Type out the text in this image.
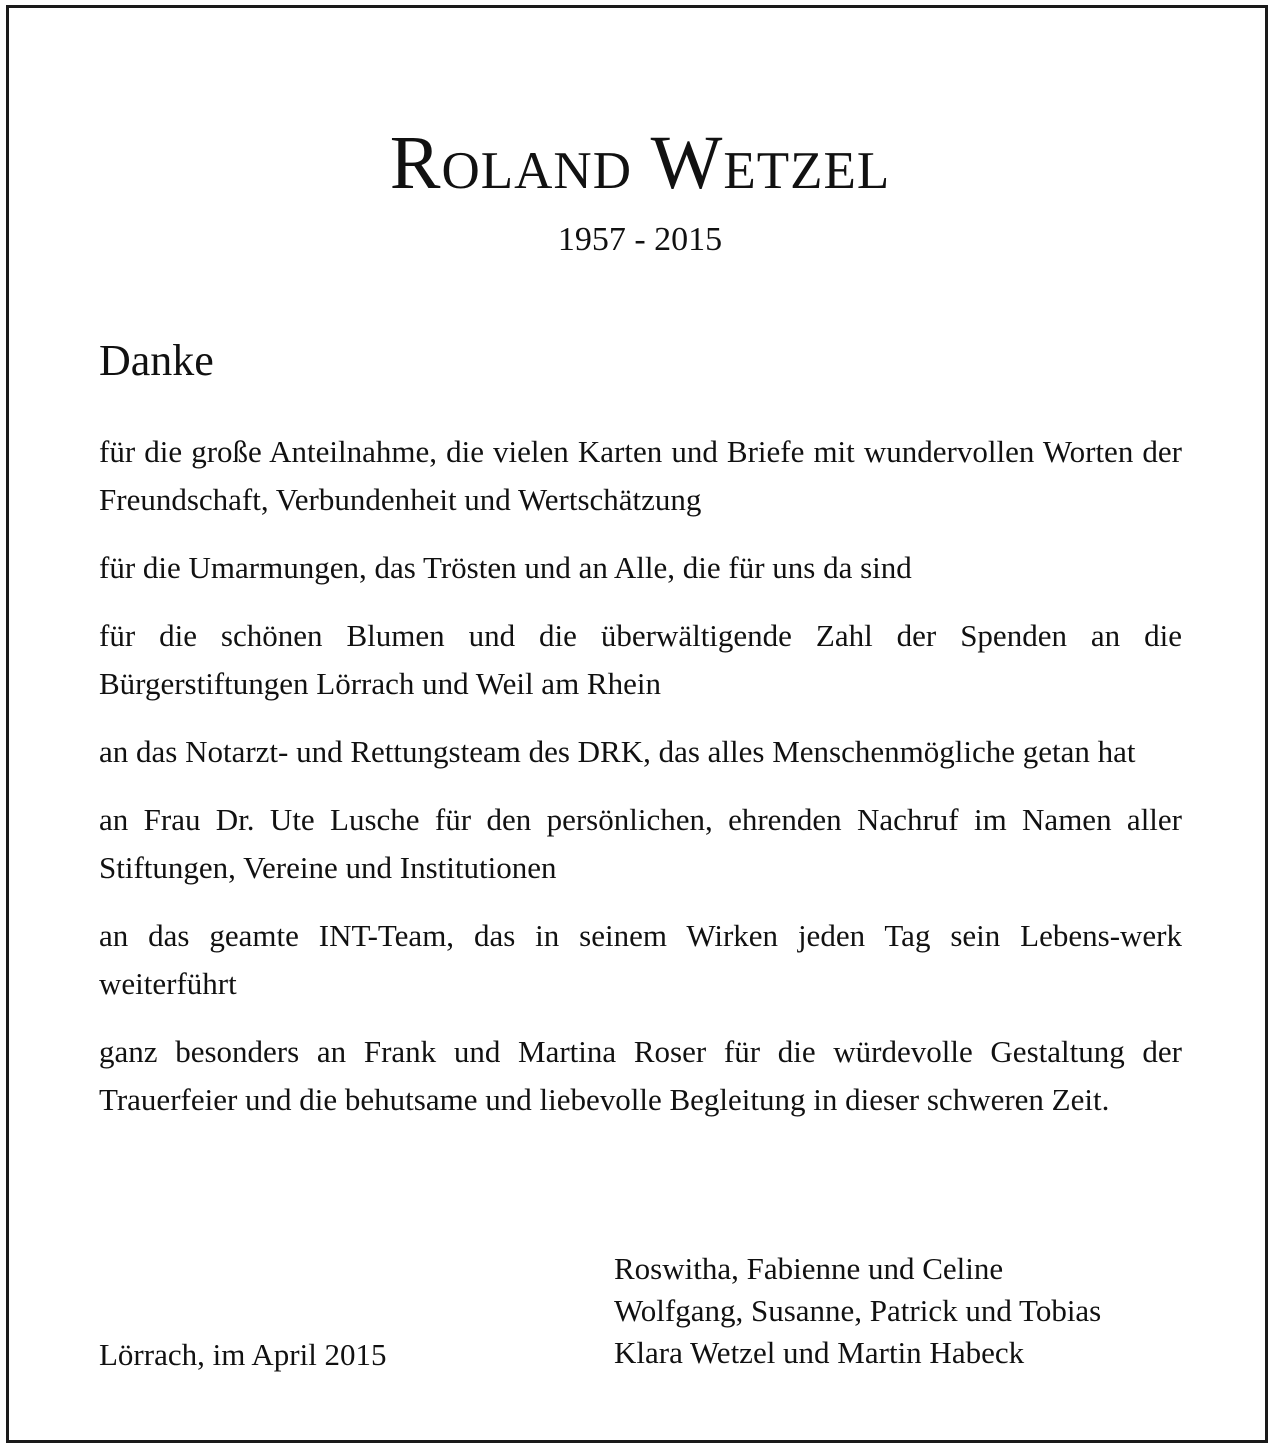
Roland Wetzel
1957 - 2015
Danke

für die große Anteilnahme, die vielen Karten und Briefe mit wundervollen Worten der Freundschaft, Verbundenheit und Wertschätzung

für die Umarmungen, das Trösten und an Alle, die für uns da sind

für die schönen Blumen und die überwältigende Zahl der Spenden an die Bürgerstiftungen Lörrach und Weil am Rhein

an das Notarzt- und Rettungsteam des DRK, das alles Menschenmögliche getan hat

an Frau Dr. Ute Lusche für den persönlichen, ehrenden Nachruf im Namen aller Stiftungen, Vereine und Institutionen

an das geamte INT-Team, das in seinem Wirken jeden Tag sein Lebens-werk weiterführt

ganz besonders an Frank und Martina Roser für die würdevolle Gestaltung der Trauerfeier und die behutsame und liebevolle Begleitung in dieser schweren Zeit.

Lörrach, im April 2015
Roswitha, Fabienne und Celine
Wolfgang, Susanne, Patrick und Tobias
Klara Wetzel und Martin Habeck
